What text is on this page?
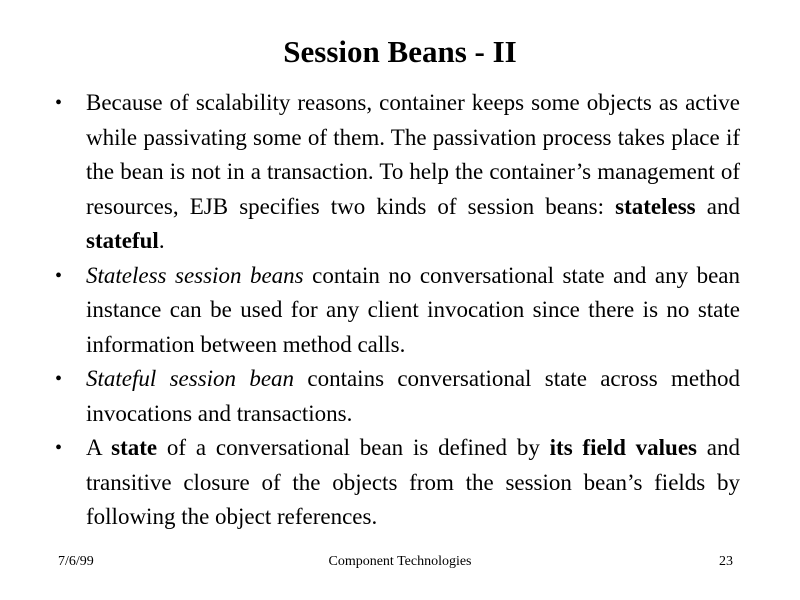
Session Beans - II
•	Because of scalability reasons, container keeps some objects as active while passivating some of them. The passivation process takes place if the bean is not in a transaction. To help the container’s management of resources, EJB specifies two kinds of session beans: stateless and stateful.
•	Stateless session beans contain no conversational state and any bean instance can be used for any client invocation since there is no state information between method calls.
•	Stateful session bean contains conversational state across method invocations and transactions.
•	A state of a conversational bean is defined by its field values and transitive closure of the objects from the session bean’s fields by following the object references.
7/6/99	Component Technologies	23
